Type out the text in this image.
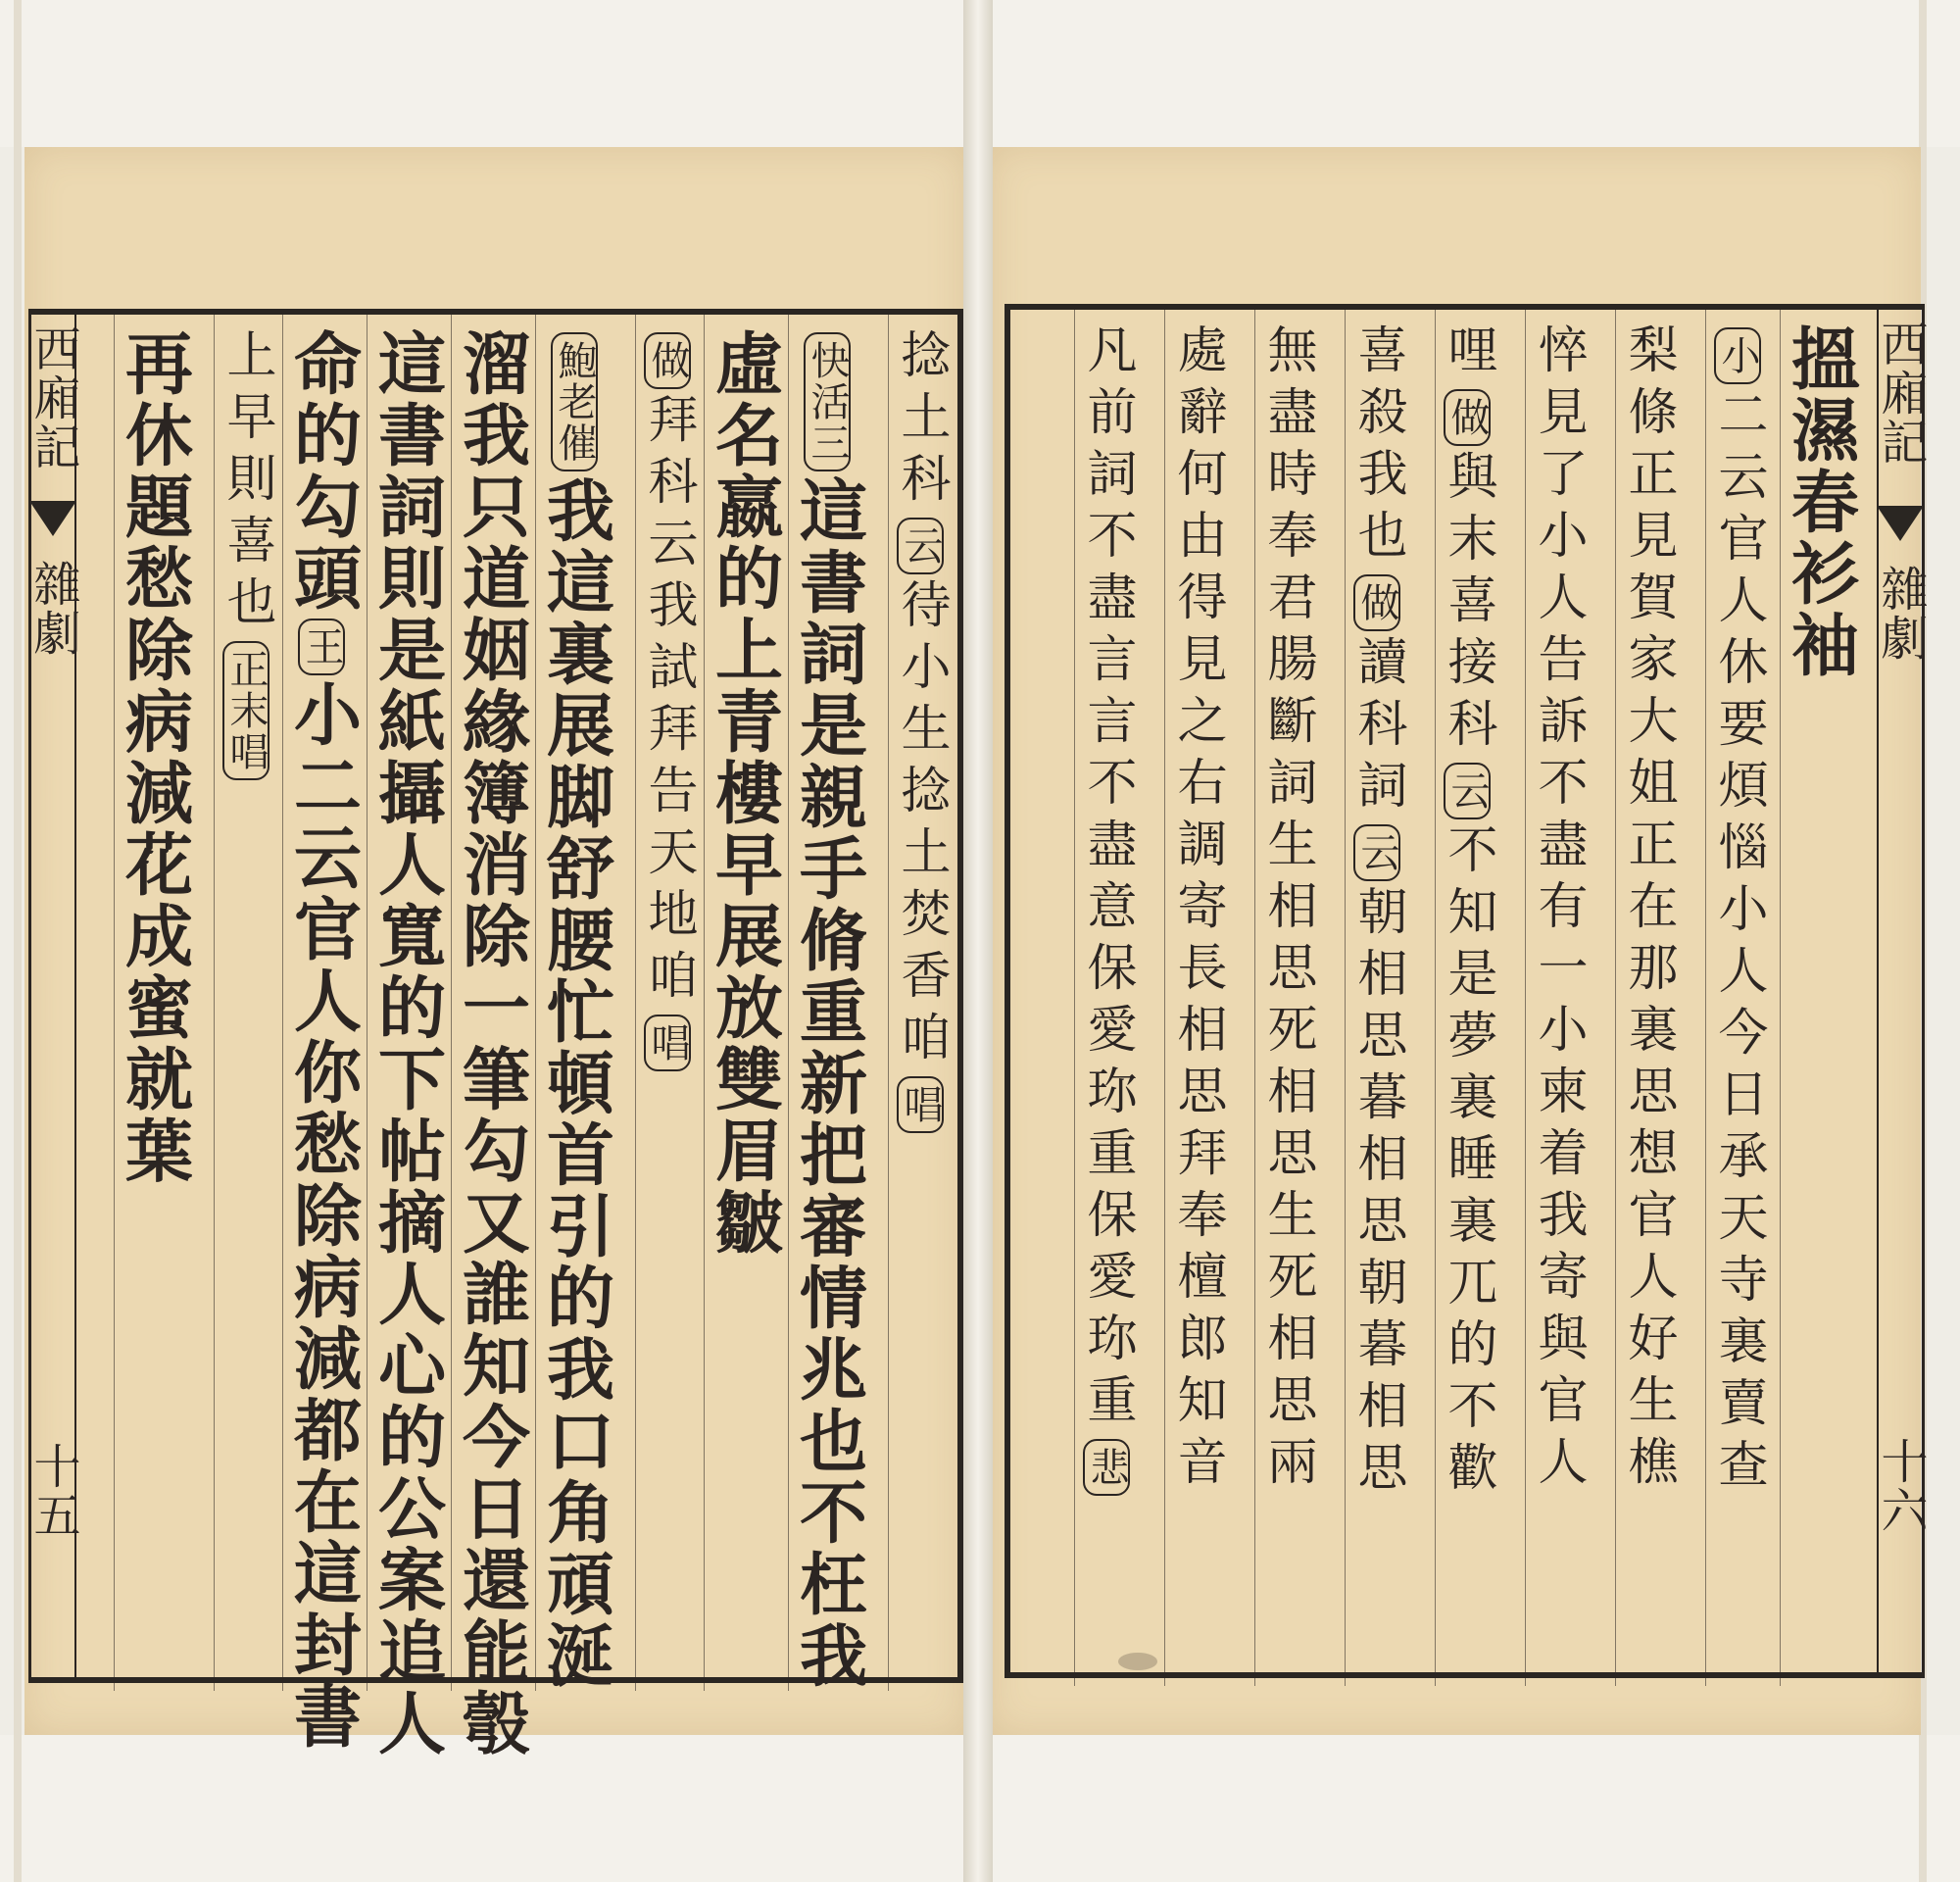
西廂記
雜劇
十五
捻土科云待小生捻土焚香咱唱
快活三這書詞是親手脩重新把審情兆也不枉我
虛名嬴的上青樓早展放雙眉皺
做拜科云我試拜告天地咱唱
鮑老催我這裏展脚舒腰忙頓首引的我口角頑涎
溜我只道姻緣簿消除一筆勾又誰知今日還能彀
這書詞則是紙攝人寬的下帖摘人心的公案追人
命的勾頭王小二云官人你愁除病減都在這封書
上早則喜也正末唱
再休題愁除病減花成蜜就葉	西廂記
雜劇
十六
搵濕春衫袖
小二云官人休要煩惱小人今日承天寺裏賣查
梨條正見賀家大姐正在那裏思想官人好生樵
悴見了小人告訴不盡有一小柬着我寄與官人
哩做與末喜接科云不知是夢裏睡裏兀的不歡
喜殺我也做讀科詞云朝相思暮相思朝暮相思
無盡時奉君腸斷詞生相思死相思生死相思兩
處辭何由得見之右調寄長相思拜奉檀郎知音
凡前詞不盡言言不盡意保愛珎重保愛珎重悲
